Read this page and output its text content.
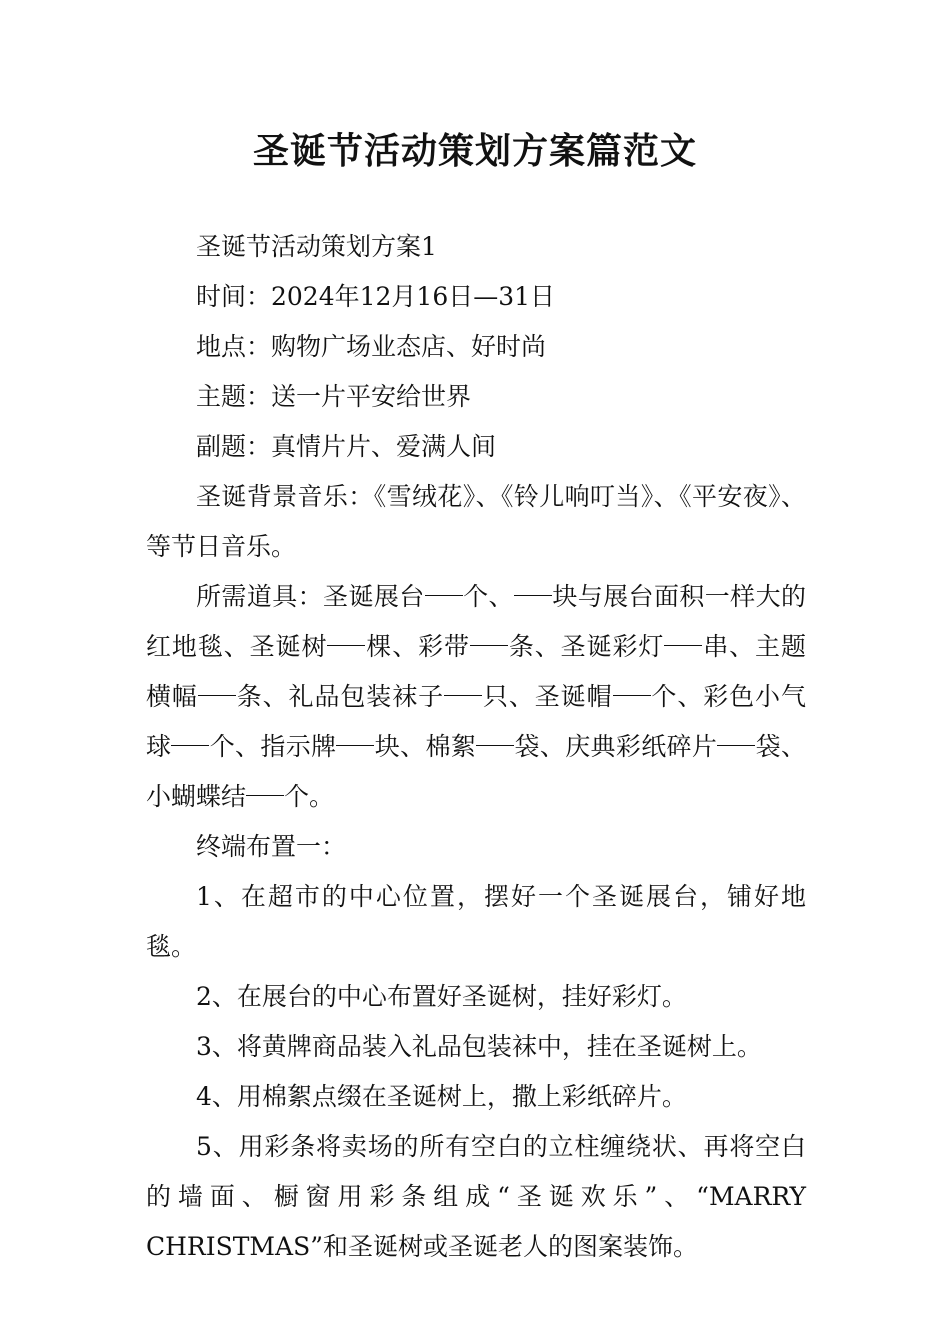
圣诞节活动策划方案篇范文

圣诞节活动策划方案1

时间：2024年12月16日—31日

地点：购物广场业态店、好时尚

主题：送一片平安给世界

副题：真情片片、爱满人间

圣诞背景音乐：《雪绒花》、《铃儿响叮当》、《平安夜》、等节日音乐。

所需道具：圣诞展台 个、 块与展台面积一样大的红地毯、圣诞树 棵、彩带 条、圣诞彩灯 串、主题横幅 条、礼品包装袜子 只、圣诞帽 个、彩色小气球 个、指示牌 块、棉絮 袋、庆典彩纸碎片 袋、小蝴蝶结 个。

终端布置一：

1、在超市的中心位置，摆好一个圣诞展台，铺好地毯。

2、在展台的中心布置好圣诞树，挂好彩灯。

3、将黄牌商品装入礼品包装袜中，挂在圣诞树上。

4、用棉絮点缀在圣诞树上，撒上彩纸碎片。

5、用彩条将卖场的所有空白的立柱缠绕状、再将空白的墙面、橱窗用彩条组成“圣诞欢乐”、“MARRY CHRISTMAS”和圣诞树或圣诞老人的图案装饰。
